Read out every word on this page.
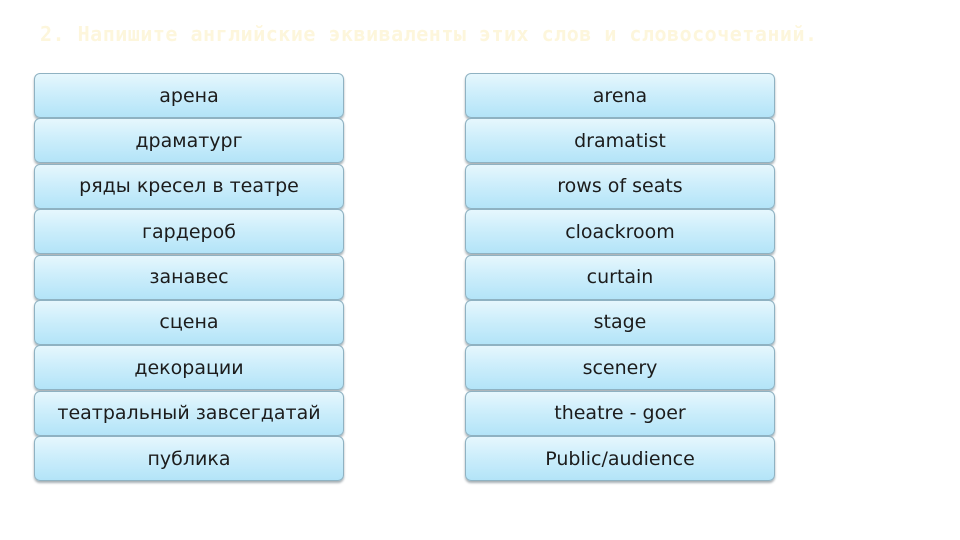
2. Напишите английские эквиваленты этих слов и словосочетаний.
арена
драматург
ряды кресел в театре
гардероб
занавес
сцена
декорации
театральный завсегдатай
публика
arena
dramatist
rows of seats
cloackroom
curtain
stage
scenery
theatre - goer
Public/audience
